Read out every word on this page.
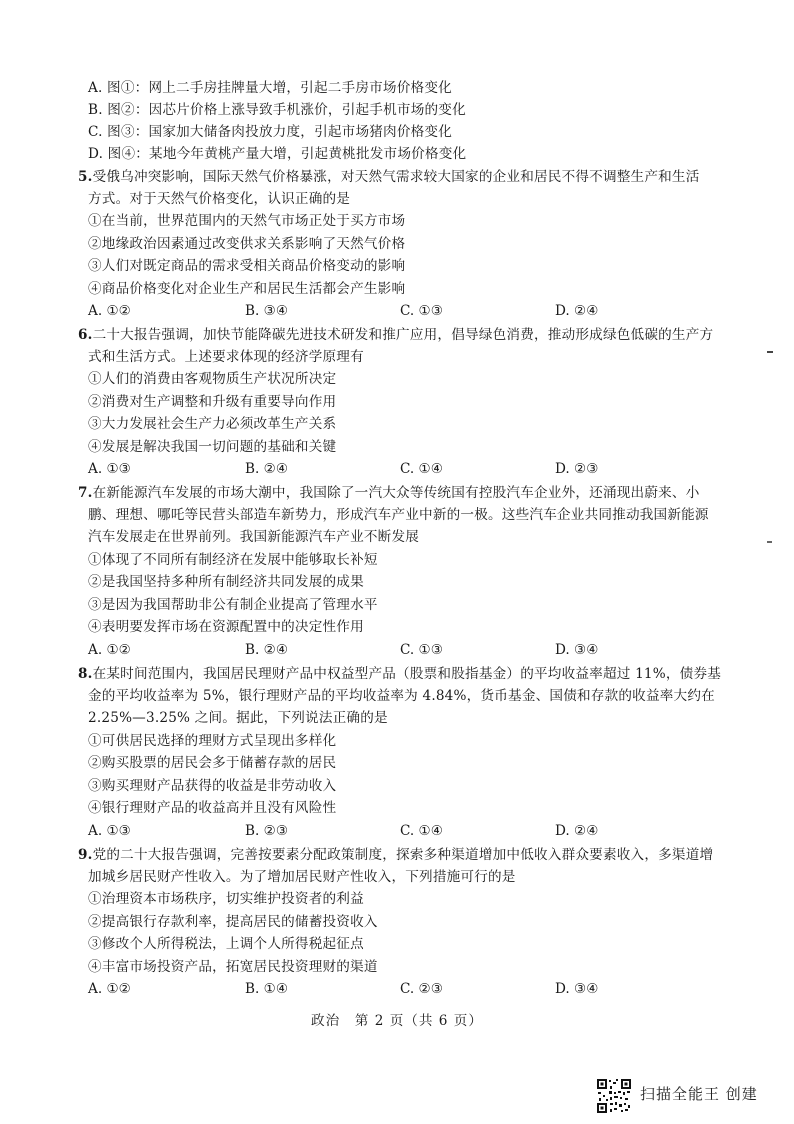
A. 图①：网上二手房挂牌量大增，引起二手房市场价格变化
B. 图②：因芯片价格上涨导致手机涨价，引起手机市场的变化
C. 图③：国家加大储备肉投放力度，引起市场猪肉价格变化
D. 图④：某地今年黄桃产量大增，引起黄桃批发市场价格变化
5.受俄乌冲突影响，国际天然气价格暴涨，对天然气需求较大国家的企业和居民不得不调整生产和生活
方式。对于天然气价格变化，认识正确的是
①在当前，世界范围内的天然气市场正处于买方市场
②地缘政治因素通过改变供求关系影响了天然气价格
③人们对既定商品的需求受相关商品价格变动的影响
④商品价格变化对企业生产和居民生活都会产生影响
A. ①②	B. ③④	C. ①③	D. ②④
6.二十大报告强调，加快节能降碳先进技术研发和推广应用，倡导绿色消费，推动形成绿色低碳的生产方
式和生活方式。上述要求体现的经济学原理有
①人们的消费由客观物质生产状况所决定
②消费对生产调整和升级有重要导向作用
③大力发展社会生产力必须改革生产关系
④发展是解决我国一切问题的基础和关键
A. ①③	B. ②④	C. ①④	D. ②③
7.在新能源汽车发展的市场大潮中，我国除了一汽大众等传统国有控股汽车企业外，还涌现出蔚来、小
鹏、理想、哪吒等民营头部造车新势力，形成汽车产业中新的一极。这些汽车企业共同推动我国新能源
汽车发展走在世界前列。我国新能源汽车产业不断发展
①体现了不同所有制经济在发展中能够取长补短
②是我国坚持多种所有制经济共同发展的成果
③是因为我国帮助非公有制企业提高了管理水平
④表明要发挥市场在资源配置中的决定性作用
A. ①②	B. ②④	C. ①③	D. ③④
8.在某时间范围内，我国居民理财产品中权益型产品（股票和股指基金）的平均收益率超过 11%，债券基
金的平均收益率为 5%，银行理财产品的平均收益率为 4.84%，货币基金、国债和存款的收益率大约在
2.25%—3.25% 之间。据此，下列说法正确的是
①可供居民选择的理财方式呈现出多样化
②购买股票的居民会多于储蓄存款的居民
③购买理财产品获得的收益是非劳动收入
④银行理财产品的收益高并且没有风险性
A. ①③	B. ②③	C. ①④	D. ②④
9.党的二十大报告强调，完善按要素分配政策制度，探索多种渠道增加中低收入群众要素收入，多渠道增
加城乡居民财产性收入。为了增加居民财产性收入，下列措施可行的是
①治理资本市场秩序，切实维护投资者的利益
②提高银行存款利率，提高居民的储蓄投资收入
③修改个人所得税法，上调个人所得税起征点
④丰富市场投资产品，拓宽居民投资理财的渠道
A. ①②	B. ①④	C. ②③	D. ③④
政治　第 2 页（共 6 页）
扫描全能王 创建
